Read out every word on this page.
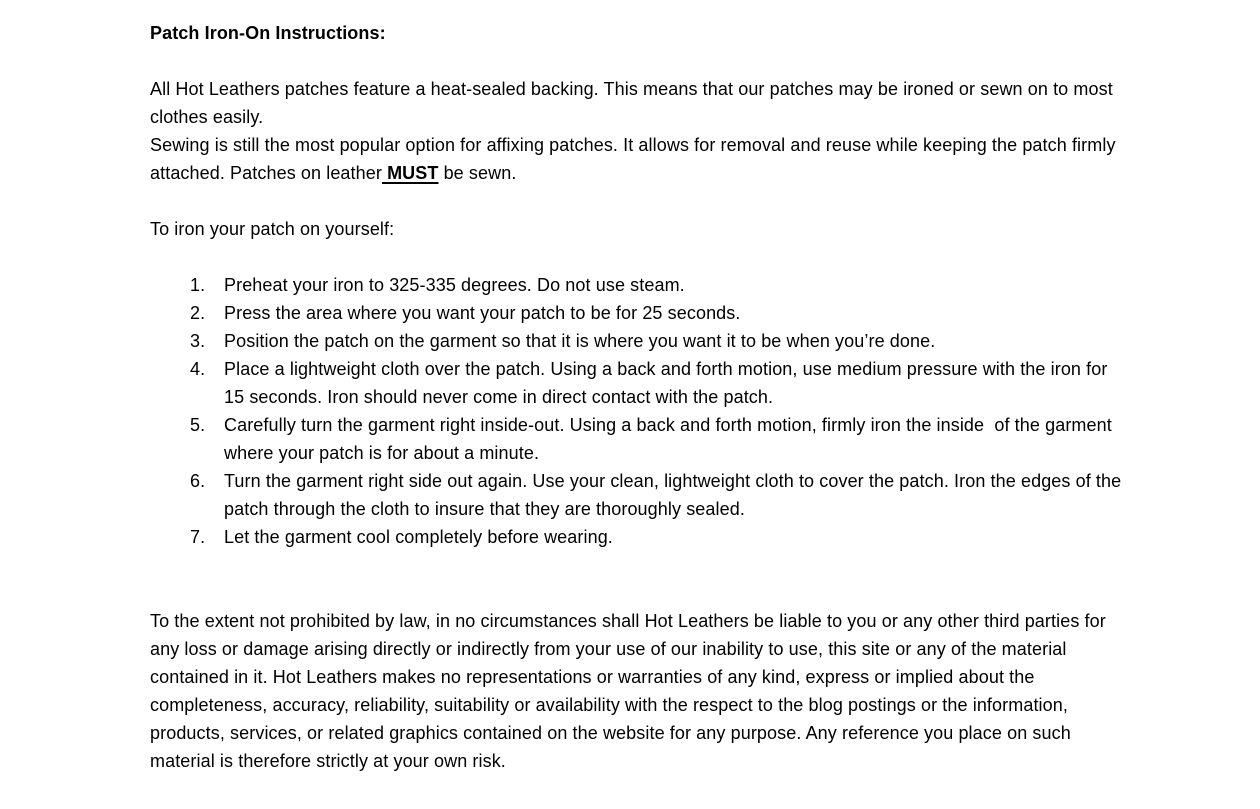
Patch Iron-On Instructions:

All Hot Leathers patches feature a heat-sealed backing. This means that our patches may be ironed or sewn on to most clothes easily.

Sewing is still the most popular option for affixing patches. It allows for removal and reuse while keeping the patch firmly attached. Patches on leather MUST be sewn.

To iron your patch on yourself:

1.	Preheat your iron to 325-335 degrees. Do not use steam.
2.	Press the area where you want your patch to be for 25 seconds.
3.	Position the patch on the garment so that it is where you want it to be when you’re done.
4.	Place a lightweight cloth over the patch. Using a back and forth motion, use medium pressure with the iron for 15 seconds. Iron should never come in direct contact with the patch.
5.	Carefully turn the garment right inside-out. Using a back and forth motion, firmly iron the inside  of the garment where your patch is for about a minute.
6.	Turn the garment right side out again. Use your clean, lightweight cloth to cover the patch. Iron the edges of the patch through the cloth to insure that they are thoroughly sealed.
7.	Let the garment cool completely before wearing.

To the extent not prohibited by law, in no circumstances shall Hot Leathers be liable to you or any other third parties for any loss or damage arising directly or indirectly from your use of our inability to use, this site or any of the material contained in it. Hot Leathers makes no representations or warranties of any kind, express or implied about the completeness, accuracy, reliability, suitability or availability with the respect to the blog postings or the information, products, services, or related graphics contained on the website for any purpose. Any reference you place on such material is therefore strictly at your own risk.
